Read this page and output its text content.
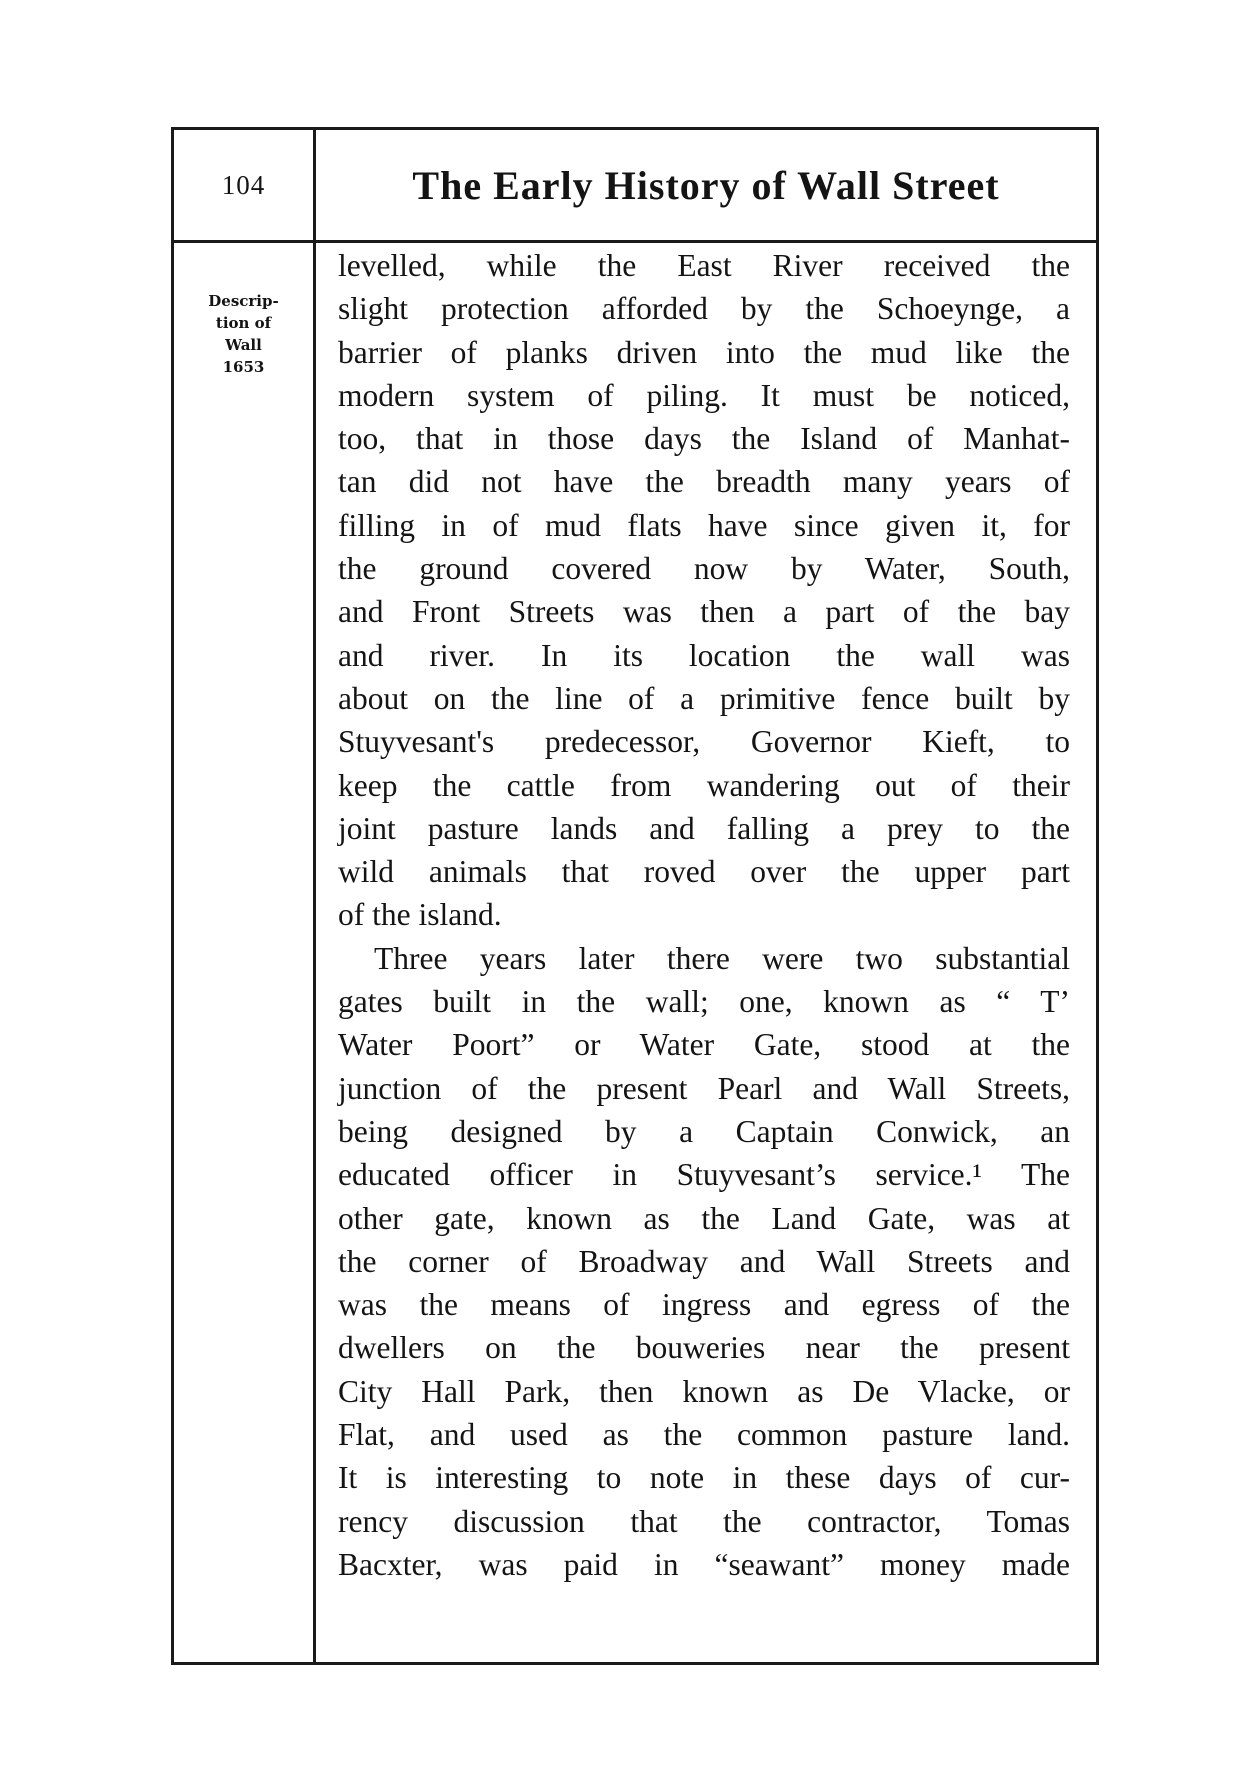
104	The Early History of Wall Street
Descrip-
tion of
Wall
1653
levelled, while the East River received the
slight protection afforded by the Schoeynge, a
barrier of planks driven into the mud like the
modern system of piling. It must be noticed,
too, that in those days the Island of Manhat-
tan did not have the breadth many years of
filling in of mud flats have since given it, for
the ground covered now by Water, South,
and Front Streets was then a part of the bay
and river. In its location the wall was
about on the line of a primitive fence built by
Stuyvesant's predecessor, Governor Kieft, to
keep the cattle from wandering out of their
joint pasture lands and falling a prey to the
wild animals that roved over the upper part
of the island.
Three years later there were two substantial
gates built in the wall; one, known as “ T’
Water Poort” or Water Gate, stood at the
junction of the present Pearl and Wall Streets,
being designed by a Captain Conwick, an
educated officer in Stuyvesant’s service.¹ The
other gate, known as the Land Gate, was at
the corner of Broadway and Wall Streets and
was the means of ingress and egress of the
dwellers on the bouweries near the present
City Hall Park, then known as De Vlacke, or
Flat, and used as the common pasture land.
It is interesting to note in these days of cur-
rency discussion that the contractor, Tomas
Bacxter, was paid in “seawant” money made
